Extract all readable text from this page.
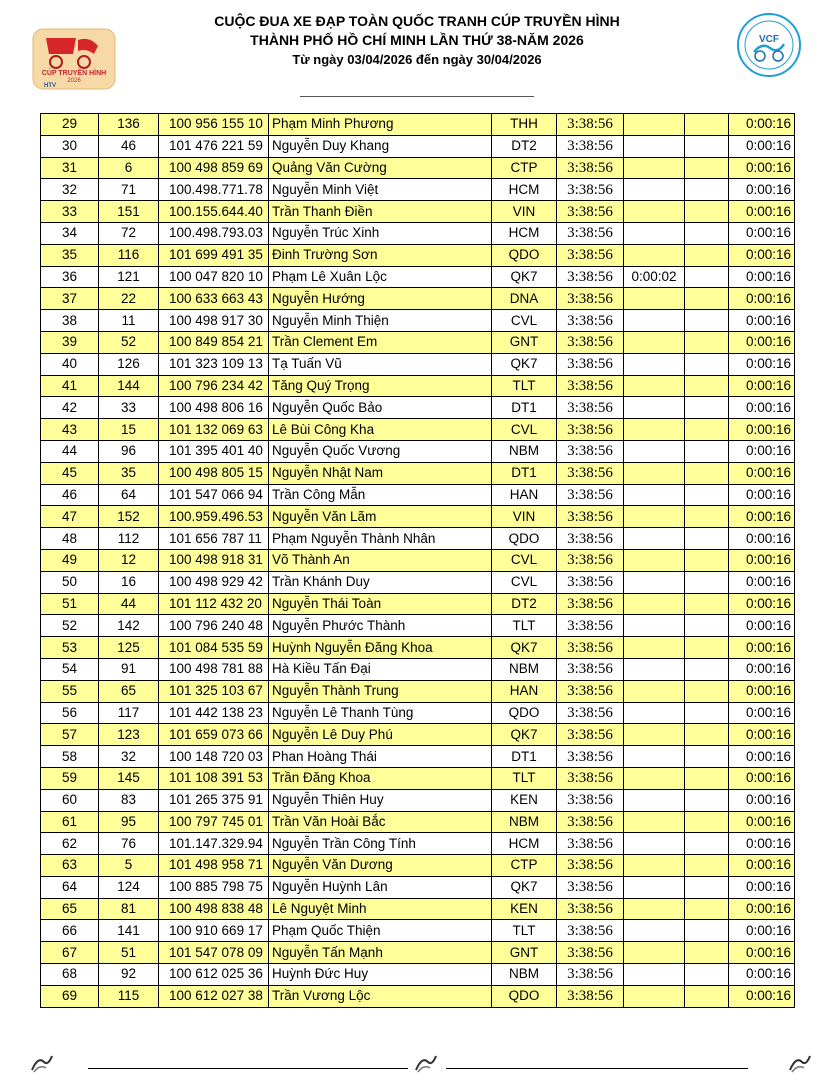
CÚP TRUYỀN HÌNH
2026
HTV
CUỘC ĐUA XE ĐẠP TOÀN QUỐC TRANH CÚP TRUYỀN HÌNH
THÀNH PHỐ HỒ CHÍ MINH LẦN THỨ 38-NĂM 2026
Từ ngày 03/04/2026 đến ngày 30/04/2026
VCF
29	136	100 956 155 10	Phạm Minh Phương	THH	3:38:56			0:00:16
30	46	101 476 221 59	Nguyễn Duy Khang	DT2	3:38:56			0:00:16
31	6	100 498 859 69	Quảng Văn Cường	CTP	3:38:56			0:00:16
32	71	100.498.771.78	Nguyễn Minh Việt	HCM	3:38:56			0:00:16
33	151	100.155.644.40	Trần Thanh Điền	VIN	3:38:56			0:00:16
34	72	100.498.793.03	Nguyễn Trúc Xinh	HCM	3:38:56			0:00:16
35	116	101 699 491 35	Đinh Trường Sơn	QDO	3:38:56			0:00:16
36	121	100 047 820 10	Phạm Lê Xuân Lộc	QK7	3:38:56	0:00:02		0:00:16
37	22	100 633 663 43	Nguyễn Hướng	DNA	3:38:56			0:00:16
38	11	100 498 917 30	Nguyễn Minh Thiện	CVL	3:38:56			0:00:16
39	52	100 849 854 21	Trần Clement Em	GNT	3:38:56			0:00:16
40	126	101 323 109 13	Tạ Tuấn Vũ	QK7	3:38:56			0:00:16
41	144	100 796 234 42	Tăng Quý Trọng	TLT	3:38:56			0:00:16
42	33	100 498 806 16	Nguyễn Quốc Bảo	DT1	3:38:56			0:00:16
43	15	101 132 069 63	Lê Bùi Công Kha	CVL	3:38:56			0:00:16
44	96	101 395 401 40	Nguyễn Quốc Vương	NBM	3:38:56			0:00:16
45	35	100 498 805 15	Nguyễn Nhật Nam	DT1	3:38:56			0:00:16
46	64	101 547 066 94	Trần Công Mẫn	HAN	3:38:56			0:00:16
47	152	100.959.496.53	Nguyễn Văn Lãm	VIN	3:38:56			0:00:16
48	112	101 656 787 11	Phạm Nguyễn Thành Nhân	QDO	3:38:56			0:00:16
49	12	100 498 918 31	Võ Thành An	CVL	3:38:56			0:00:16
50	16	100 498 929 42	Trần Khánh Duy	CVL	3:38:56			0:00:16
51	44	101 112 432 20	Nguyễn Thái Toàn	DT2	3:38:56			0:00:16
52	142	100 796 240 48	Nguyễn Phước Thành	TLT	3:38:56			0:00:16
53	125	101 084 535 59	Huỳnh Nguyễn Đăng Khoa	QK7	3:38:56			0:00:16
54	91	100 498 781 88	Hà Kiều Tấn Đại	NBM	3:38:56			0:00:16
55	65	101 325 103 67	Nguyễn Thành Trung	HAN	3:38:56			0:00:16
56	117	101 442 138 23	Nguyễn Lê Thanh Tùng	QDO	3:38:56			0:00:16
57	123	101 659 073 66	Nguyễn Lê Duy Phú	QK7	3:38:56			0:00:16
58	32	100 148 720 03	Phan Hoàng Thái	DT1	3:38:56			0:00:16
59	145	101 108 391 53	Trần Đăng Khoa	TLT	3:38:56			0:00:16
60	83	101 265 375 91	Nguyễn Thiên Huy	KEN	3:38:56			0:00:16
61	95	100 797 745 01	Trần Văn Hoài Bắc	NBM	3:38:56			0:00:16
62	76	101.147.329.94	Nguyễn Trần Công Tính	HCM	3:38:56			0:00:16
63	5	101 498 958 71	Nguyễn Văn Dương	CTP	3:38:56			0:00:16
64	124	100 885 798 75	Nguyễn Huỳnh Lân	QK7	3:38:56			0:00:16
65	81	100 498 838 48	Lê Nguyệt Minh	KEN	3:38:56			0:00:16
66	141	100 910 669 17	Phạm Quốc Thiện	TLT	3:38:56			0:00:16
67	51	101 547 078 09	Nguyễn Tấn Mạnh	GNT	3:38:56			0:00:16
68	92	100 612 025 36	Huỳnh Đức Huy	NBM	3:38:56			0:00:16
69	115	100 612 027 38	Trần Vương Lộc	QDO	3:38:56			0:00:16
